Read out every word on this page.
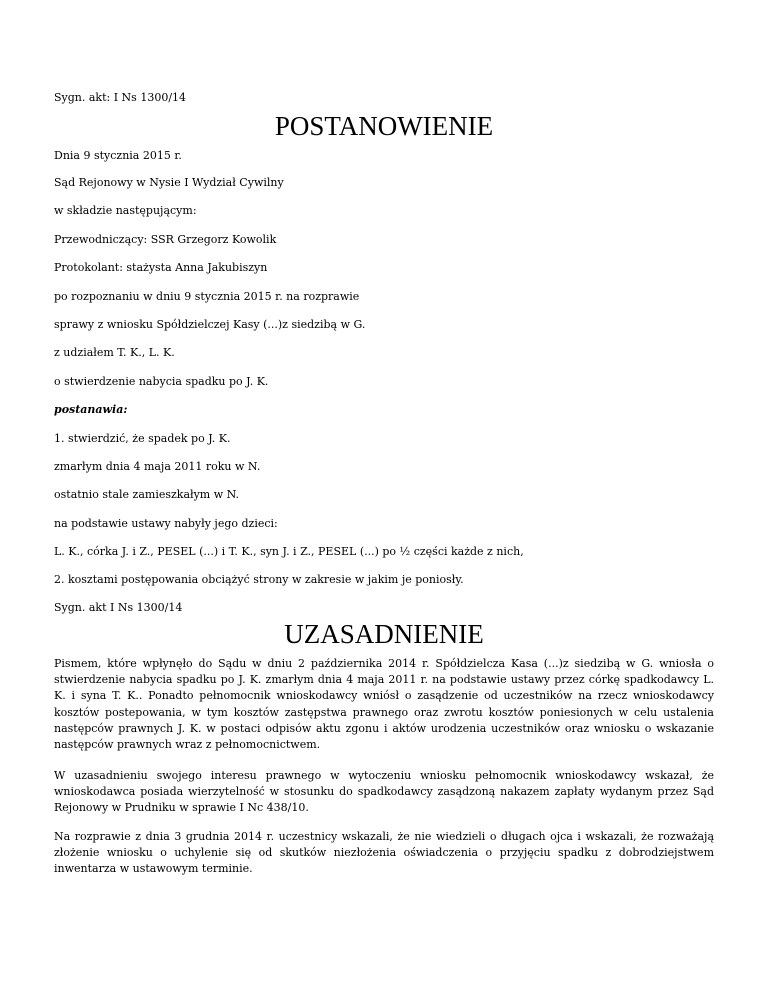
Sygn. akt: I Ns 1300/14
POSTANOWIENIE
Dnia 9 stycznia 2015 r.
Sąd Rejonowy w Nysie I Wydział Cywilny
w składzie następującym:
Przewodniczący: SSR Grzegorz Kowolik
Protokolant: stażysta Anna Jakubiszyn
po rozpoznaniu w dniu 9 stycznia 2015 r. na rozprawie
sprawy z wniosku Spółdzielczej Kasy (...)z siedzibą w G.
z udziałem T. K., L. K.
o stwierdzenie nabycia spadku po J. K.
postanawia:
1. stwierdzić, że spadek po J. K.
zmarłym dnia 4 maja 2011 roku w N.
ostatnio stale zamieszkałym w N.
na podstawie ustawy nabyły jego dzieci:
L. K., córka J. i Z., PESEL (...) i T. K., syn J. i Z., PESEL (...) po ½ części każde z nich,
2. kosztami postępowania obciążyć strony w zakresie w jakim je poniosły.
Sygn. akt I Ns 1300/14
UZASADNIENIE

Pismem, które wpłynęło do Sądu w dniu 2 października 2014 r. Spółdzielcza Kasa (...)z siedzibą w G. wniosła o stwierdzenie nabycia spadku po J. K. zmarłym dnia 4 maja 2011 r. na podstawie ustawy przez córkę spadkodawcy L. K. i syna T. K.. Ponadto pełnomocnik wnioskodawcy wniósł o zasądzenie od uczestników na rzecz wnioskodawcy kosztów postepowania, w tym kosztów zastępstwa prawnego oraz zwrotu kosztów poniesionych w celu ustalenia następców prawnych J. K. w postaci odpisów aktu zgonu i aktów urodzenia uczestników oraz wniosku o wskazanie następców prawnych wraz z pełnomocnictwem.

W uzasadnieniu swojego interesu prawnego w wytoczeniu wniosku pełnomocnik wnioskodawcy wskazał, że wnioskodawca posiada wierzytelność w stosunku do spadkodawcy zasądzoną nakazem zapłaty wydanym przez Sąd Rejonowy w Prudniku w sprawie I Nc 438/10.

Na rozprawie z dnia 3 grudnia 2014 r. uczestnicy wskazali, że nie wiedzieli o długach ojca i wskazali, że rozważają złożenie wniosku o uchylenie się od skutków niezłożenia oświadczenia o przyjęciu spadku z dobrodziejstwem inwentarza w ustawowym terminie.
